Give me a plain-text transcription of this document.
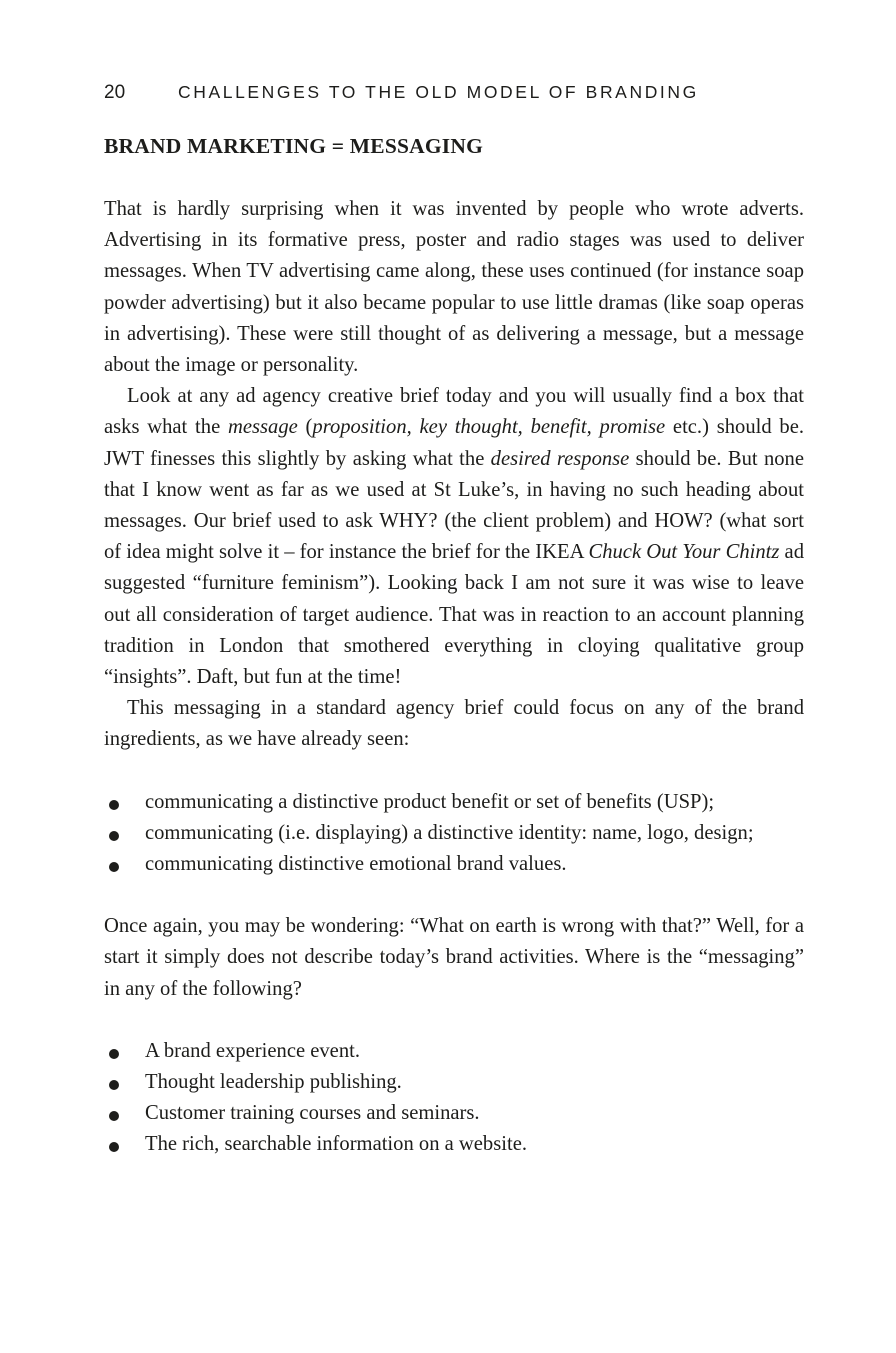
20	CHALLENGES TO THE OLD MODEL OF BRANDING
BRAND MARKETING = MESSAGING

That is hardly surprising when it was invented by people who wrote adverts. Advertising in its formative press, poster and radio stages was used to deliver messages. When TV advertising came along, these uses continued (for instance soap powder advertising) but it also became popular to use little dramas (like soap operas in advertising). These were still thought of as delivering a message, but a message about the image or personality.

Look at any ad agency creative brief today and you will usually find a box that asks what the message (proposition, key thought, benefit, promise etc.) should be. JWT finesses this slightly by asking what the desired response should be. But none that I know went as far as we used at St Luke’s, in having no such heading about messages. Our brief used to ask WHY? (the client problem) and HOW? (what sort of idea might solve it – for instance the brief for the IKEA Chuck Out Your Chintz ad suggested “furniture feminism”). Looking back I am not sure it was wise to leave out all consideration of target audience. That was in reaction to an account planning tradition in London that smothered everything in cloying qualitative group “insights”. Daft, but fun at the time!

This messaging in a standard agency brief could focus on any of the brand ingredients, as we have already seen:

communicating a distinctive product benefit or set of benefits (USP);
communicating (i.e. displaying) a distinctive identity: name, logo, design;
communicating distinctive emotional brand values.

Once again, you may be wondering: “What on earth is wrong with that?” Well, for a start it simply does not describe today’s brand activities. Where is the “messaging” in any of the following?

A brand experience event.
Thought leadership publishing.
Customer training courses and seminars.
The rich, searchable information on a website.
